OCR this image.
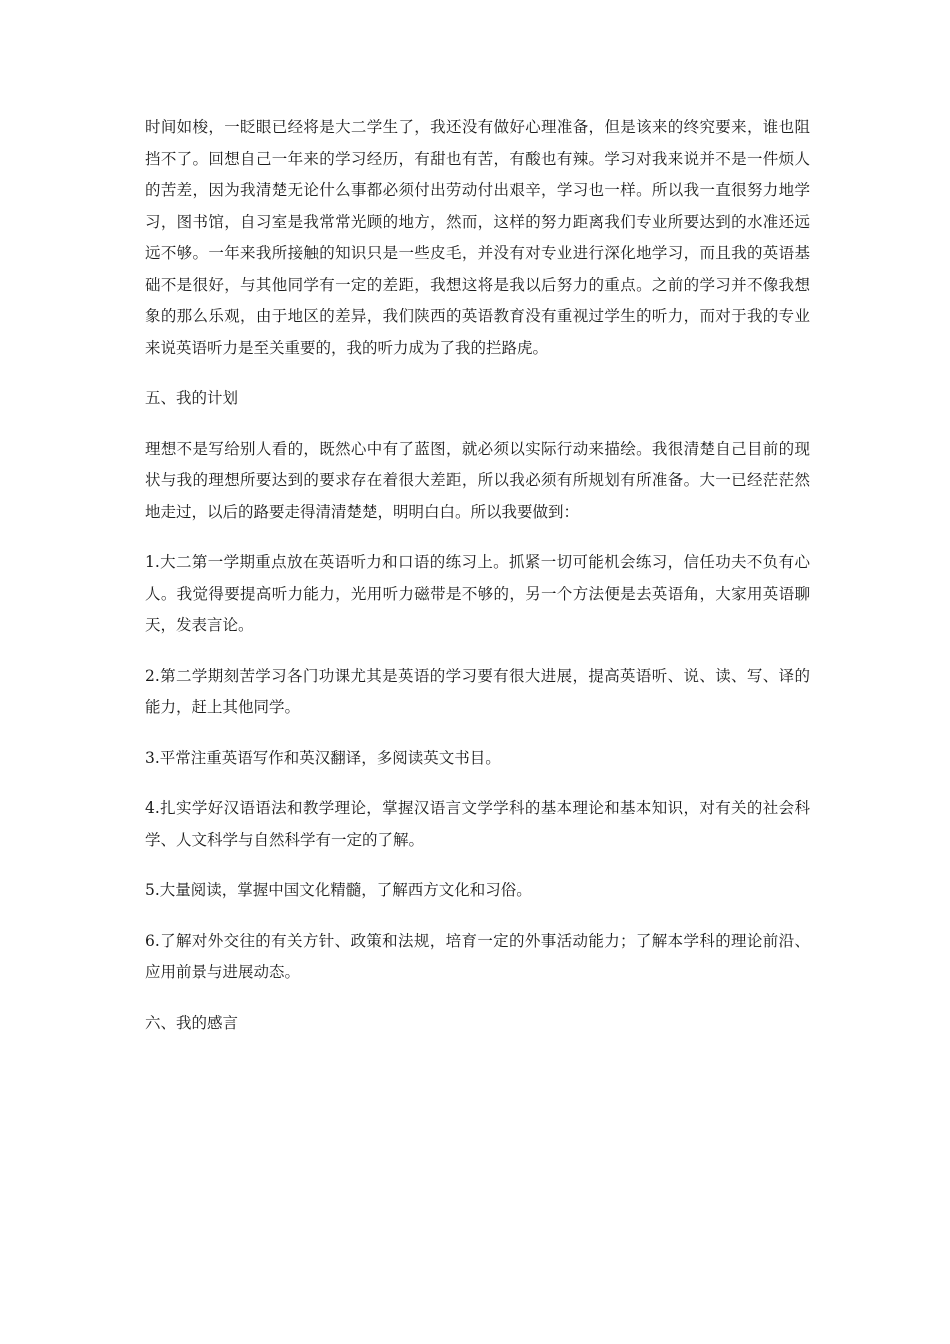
时间如梭，一眨眼已经将是大二学生了，我还没有做好心理准备，但是该来的终究要来，谁也阻挡不了。回想自己一年来的学习经历，有甜也有苦，有酸也有辣。学习对我来说并不是一件烦人的苦差，因为我清楚无论什么事都必须付出劳动付出艰辛，学习也一样。所以我一直很努力地学习，图书馆，自习室是我常常光顾的地方，然而，这样的努力距离我们专业所要达到的水准还远远不够。一年来我所接触的知识只是一些皮毛，并没有对专业进行深化地学习，而且我的英语基础不是很好，与其他同学有一定的差距，我想这将是我以后努力的重点。之前的学习并不像我想象的那么乐观，由于地区的差异，我们陕西的英语教育没有重视过学生的听力，而对于我的专业来说英语听力是至关重要的，我的听力成为了我的拦路虎。

五、我的计划

理想不是写给别人看的，既然心中有了蓝图，就必须以实际行动来描绘。我很清楚自己目前的现状与我的理想所要达到的要求存在着很大差距，所以我必须有所规划有所准备。大一已经茫茫然地走过，以后的路要走得清清楚楚，明明白白。所以我要做到：

1.大二第一学期重点放在英语听力和口语的练习上。抓紧一切可能机会练习，信任功夫不负有心人。我觉得要提高听力能力，光用听力磁带是不够的，另一个方法便是去英语角，大家用英语聊天，发表言论。

2.第二学期刻苦学习各门功课尤其是英语的学习要有很大进展，提高英语听、说、读、写、译的能力，赶上其他同学。

3.平常注重英语写作和英汉翻译，多阅读英文书目。

4.扎实学好汉语语法和教学理论，掌握汉语言文学学科的基本理论和基本知识，对有关的社会科学、人文科学与自然科学有一定的了解。

5.大量阅读，掌握中国文化精髓，了解西方文化和习俗。

6.了解对外交往的有关方针、政策和法规，培育一定的外事活动能力；了解本学科的理论前沿、应用前景与进展动态。

六、我的感言
